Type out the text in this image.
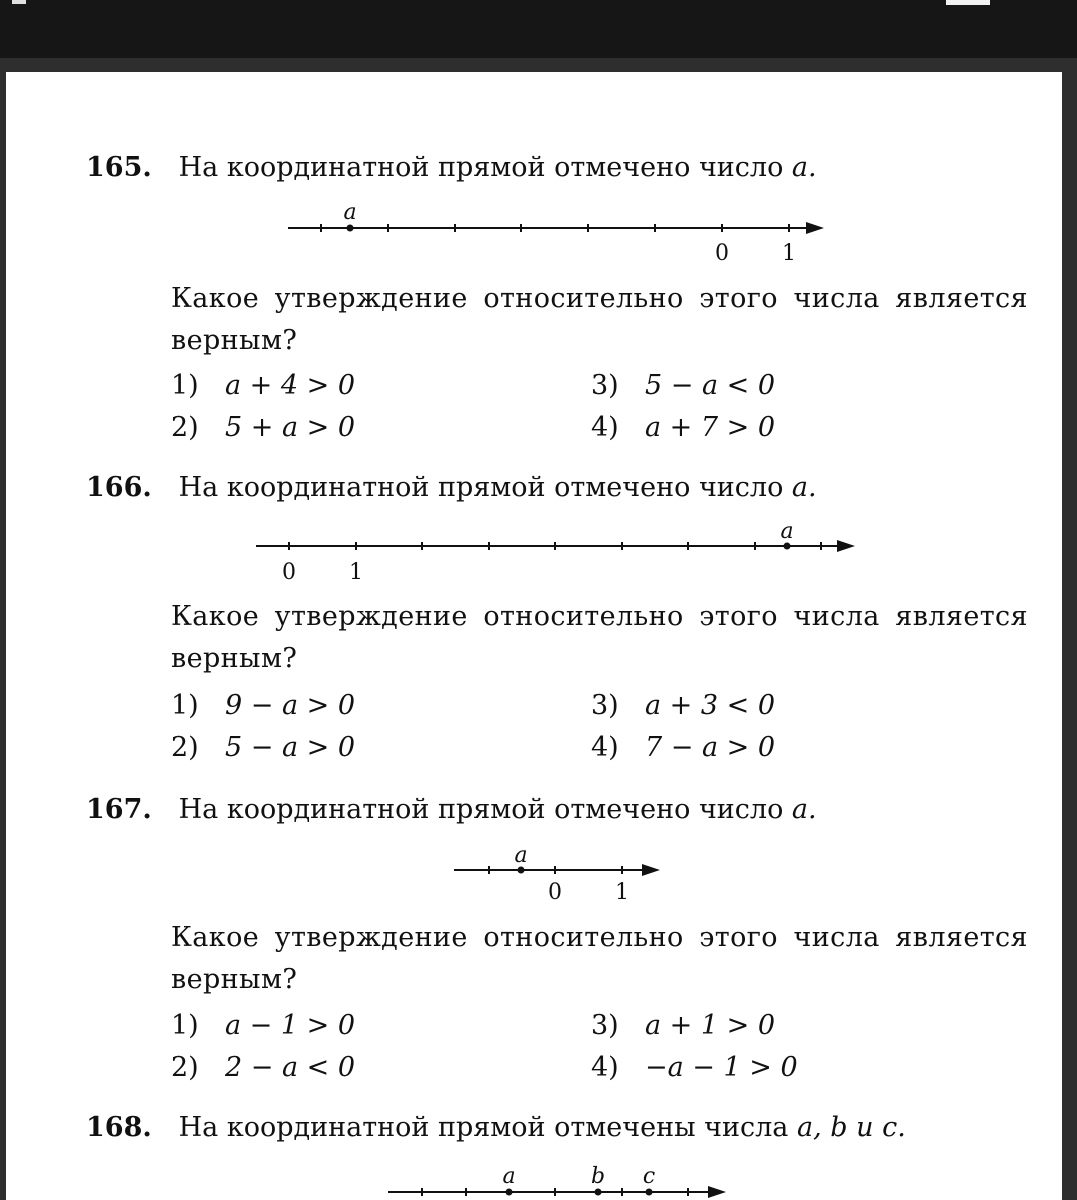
165. На координатной прямой отмечено число a.
a
0 1
Какое утверждение относительно этого числа является
верным?
1) a + 4 > 0
2) 5 + a > 0
3) 5 − a < 0
4) a + 7 > 0
166. На координатной прямой отмечено число a.
a
0 1
Какое утверждение относительно этого числа является
верным?
1) 9 − a > 0
2) 5 − a > 0
3) a + 3 < 0
4) 7 − a > 0
167. На координатной прямой отмечено число a.
a
0 1
Какое утверждение относительно этого числа является
верным?
1) a − 1 > 0
2) 2 − a < 0
3) a + 1 > 0
4) −a − 1 > 0
168. На координатной прямой отмечены числа a, b и c.
a	b c
